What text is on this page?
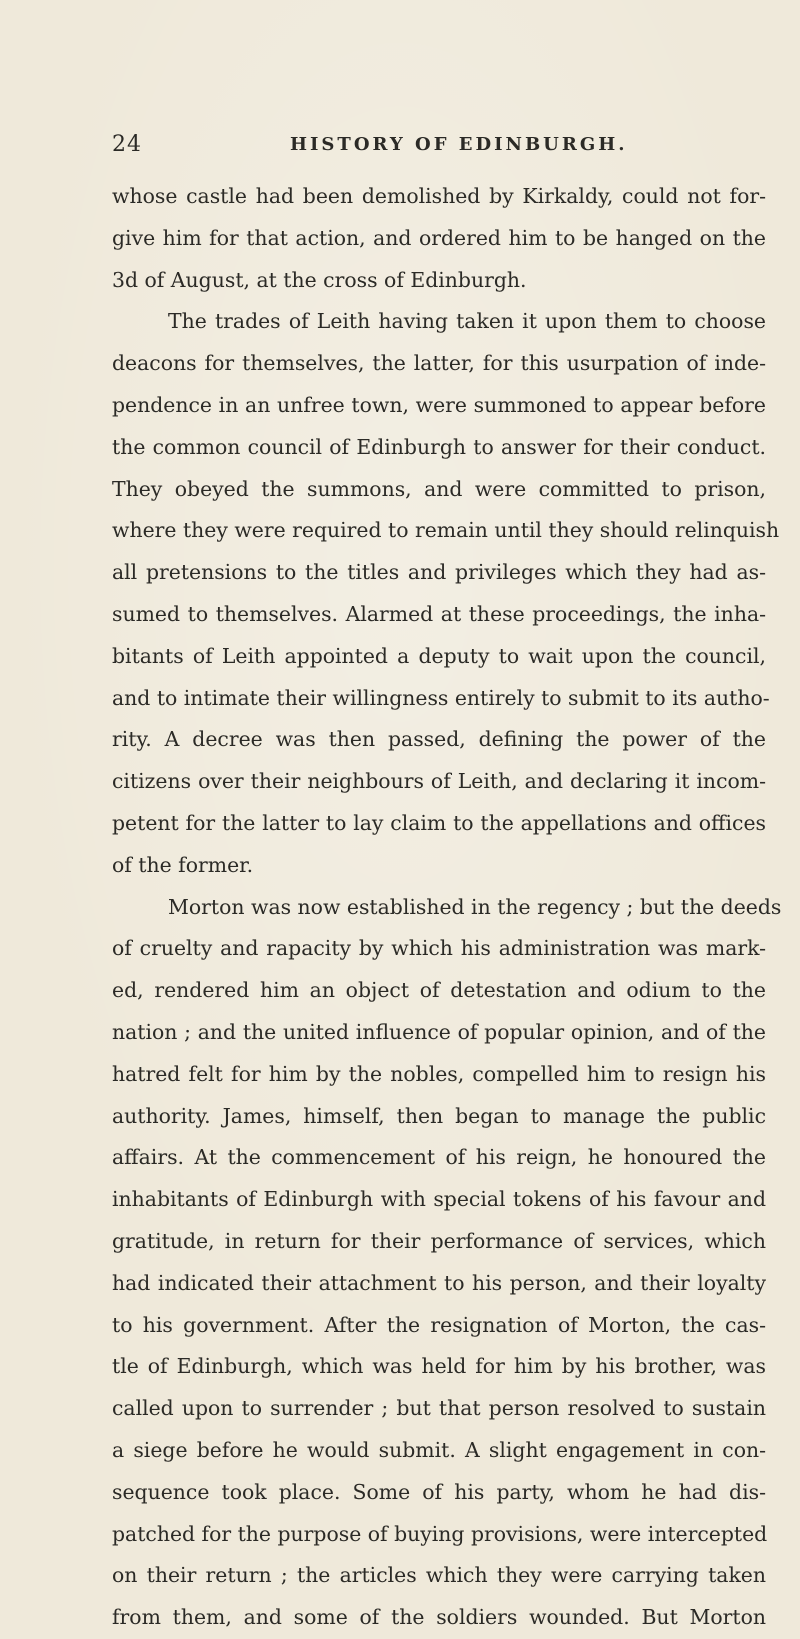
24	HISTORY OF EDINBURGH.
whose castle had been demolished by Kirkaldy, could not for-
give him for that action, and ordered him to be hanged on the
3d of August, at the cross of Edinburgh.
The trades of Leith having taken it upon them to choose
deacons for themselves, the latter, for this usurpation of inde-
pendence in an unfree town, were summoned to appear before
the common council of Edinburgh to answer for their conduct.
They obeyed the summons, and were committed to prison,
where they were required to remain until they should relinquish
all pretensions to the titles and privileges which they had as-
sumed to themselves. Alarmed at these proceedings, the inha-
bitants of Leith appointed a deputy to wait upon the council,
and to intimate their willingness entirely to submit to its autho-
rity. A decree was then passed, defining the power of the
citizens over their neighbours of Leith, and declaring it incom-
petent for the latter to lay claim to the appellations and offices
of the former.
Morton was now established in the regency ; but the deeds
of cruelty and rapacity by which his administration was mark-
ed, rendered him an object of detestation and odium to the
nation ; and the united influence of popular opinion, and of the
hatred felt for him by the nobles, compelled him to resign his
authority. James, himself, then began to manage the public
affairs. At the commencement of his reign, he honoured the
inhabitants of Edinburgh with special tokens of his favour and
gratitude, in return for their performance of services, which
had indicated their attachment to his person, and their loyalty
to his government. After the resignation of Morton, the cas-
tle of Edinburgh, which was held for him by his brother, was
called upon to surrender ; but that person resolved to sustain
a siege before he would submit. A slight engagement in con-
sequence took place. Some of his party, whom he had dis-
patched for the purpose of buying provisions, were intercepted
on their return ; the articles which they were carrying taken
from them, and some of the soldiers wounded. But Morton
